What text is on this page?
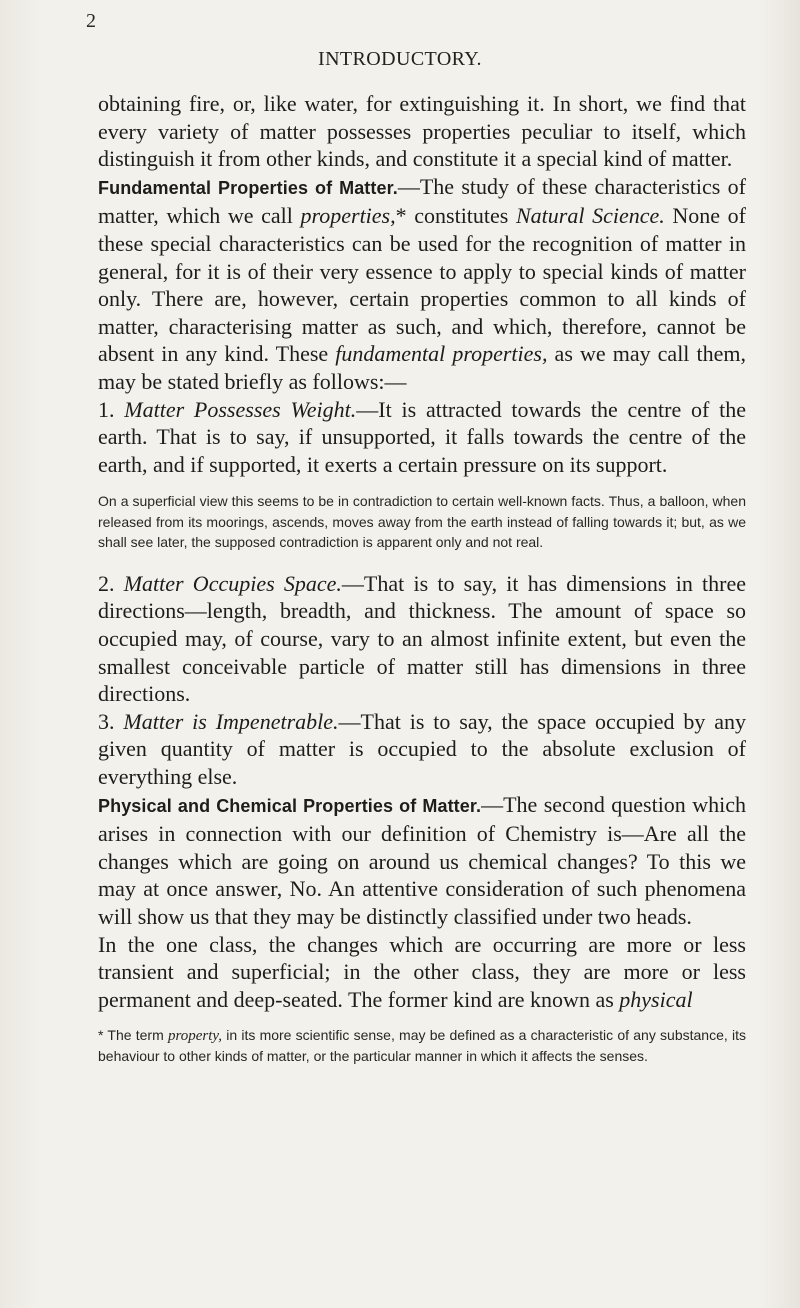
2
INTRODUCTORY.

obtaining fire, or, like water, for extinguishing it. In short, we find that every variety of matter possesses properties peculiar to itself, which distinguish it from other kinds, and constitute it a special kind of matter.

Fundamental Properties of Matter.—The study of these characteristics of matter, which we call properties,* constitutes Natural Science. None of these special characteristics can be used for the recognition of matter in general, for it is of their very essence to apply to special kinds of matter only. There are, however, certain properties common to all kinds of matter, characterising matter as such, and which, therefore, cannot be absent in any kind. These fundamental properties, as we may call them, may be stated briefly as follows:—

1. Matter Possesses Weight.—It is attracted towards the centre of the earth. That is to say, if unsupported, it falls towards the centre of the earth, and if supported, it exerts a certain pressure on its support.

On a superficial view this seems to be in contradiction to certain well-known facts. Thus, a balloon, when released from its moorings, ascends, moves away from the earth instead of falling towards it; but, as we shall see later, the supposed contradiction is apparent only and not real.

2. Matter Occupies Space.—That is to say, it has dimensions in three directions—length, breadth, and thickness. The amount of space so occupied may, of course, vary to an almost infinite extent, but even the smallest conceivable particle of matter still has dimensions in three directions.

3. Matter is Impenetrable.—That is to say, the space occupied by any given quantity of matter is occupied to the absolute exclusion of everything else.

Physical and Chemical Properties of Matter.—The second question which arises in connection with our definition of Chemistry is—Are all the changes which are going on around us chemical changes? To this we may at once answer, No. An attentive consideration of such phenomena will show us that they may be distinctly classified under two heads.

In the one class, the changes which are occurring are more or less transient and superficial; in the other class, they are more or less permanent and deep-seated. The former kind are known as physical

* The term property, in its more scientific sense, may be defined as a characteristic of any substance, its behaviour to other kinds of matter, or the particular manner in which it affects the senses.
